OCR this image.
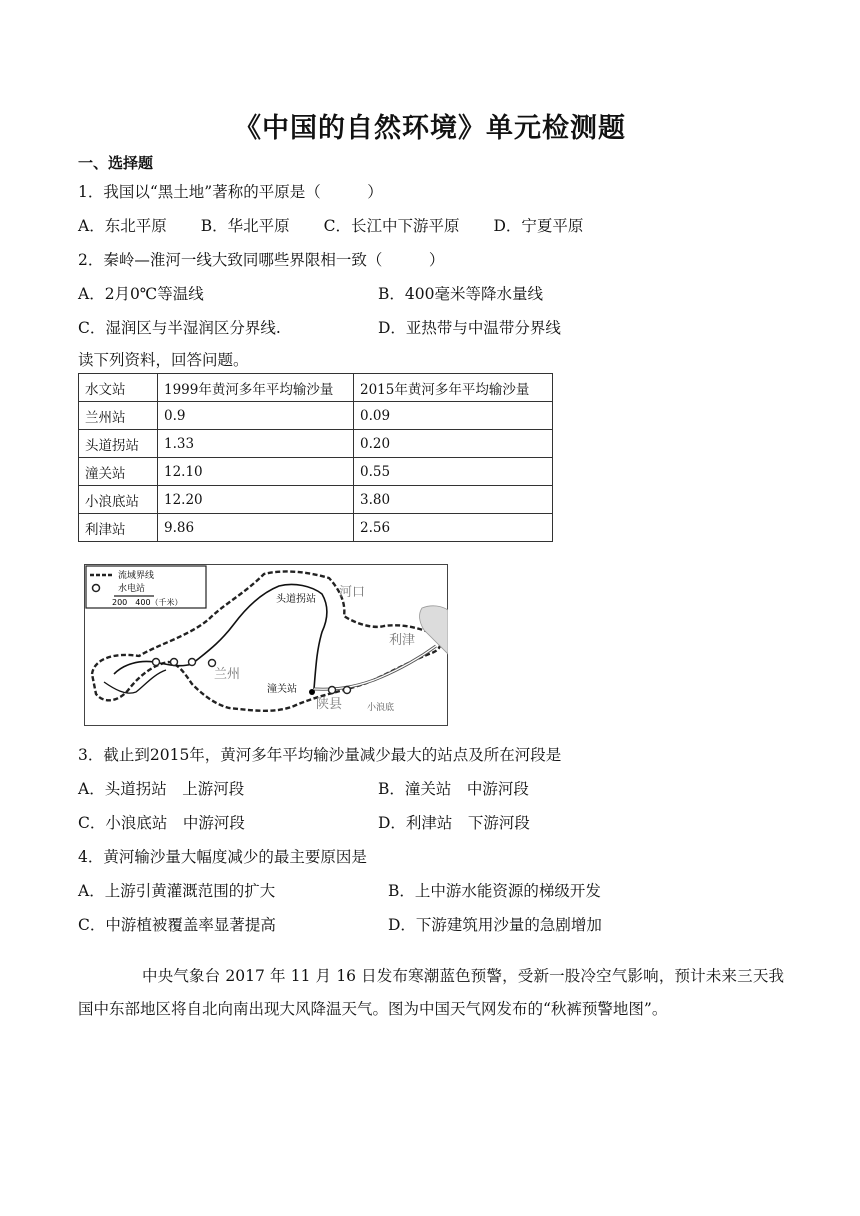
《中国的自然环境》单元检测题
一、选择题
1．我国以“黑土地”著称的平原是（　　　）
A．东北平原 B．华北平原 C．长江中下游平原 D．宁夏平原
2．秦岭—淮河一线大致同哪些界限相一致（　　　）
A．2月0℃等温线	B．400毫米等降水量线
C．湿润区与半湿润区分界线.	D．亚热带与中温带分界线
读下列资料，回答问题。
水文站	1999年黄河多年平均输沙量	2015年黄河多年平均输沙量
兰州站	0.9	0.09
头道拐站	1.33	0.20
潼关站	12.10	0.55
小浪底站	12.20	3.80
利津站	9.86	2.56
流域界线
水电站
200　400（千米）	头道拐站 河口
利津
兰州
潼关站
陕县	小浪底
3．截止到2015年，黄河多年平均输沙量减少最大的站点及所在河段是
A．头道拐站　上游河段	B．潼关站　中游河段
C．小浪底站　中游河段	D．利津站　下游河段
4．黄河输沙量大幅度减少的最主要原因是
A．上游引黄灌溉范围的扩大	B．上中游水能资源的梯级开发
C．中游植被覆盖率显著提高	D．下游建筑用沙量的急剧增加
中央气象台 2017 年 11 月 16 日发布寒潮蓝色预警，受新一股冷空气影响，预计未来三天我国中东部地区将自北向南出现大风降温天气。图为中国天气网发布的“秋裤预警地图”。
